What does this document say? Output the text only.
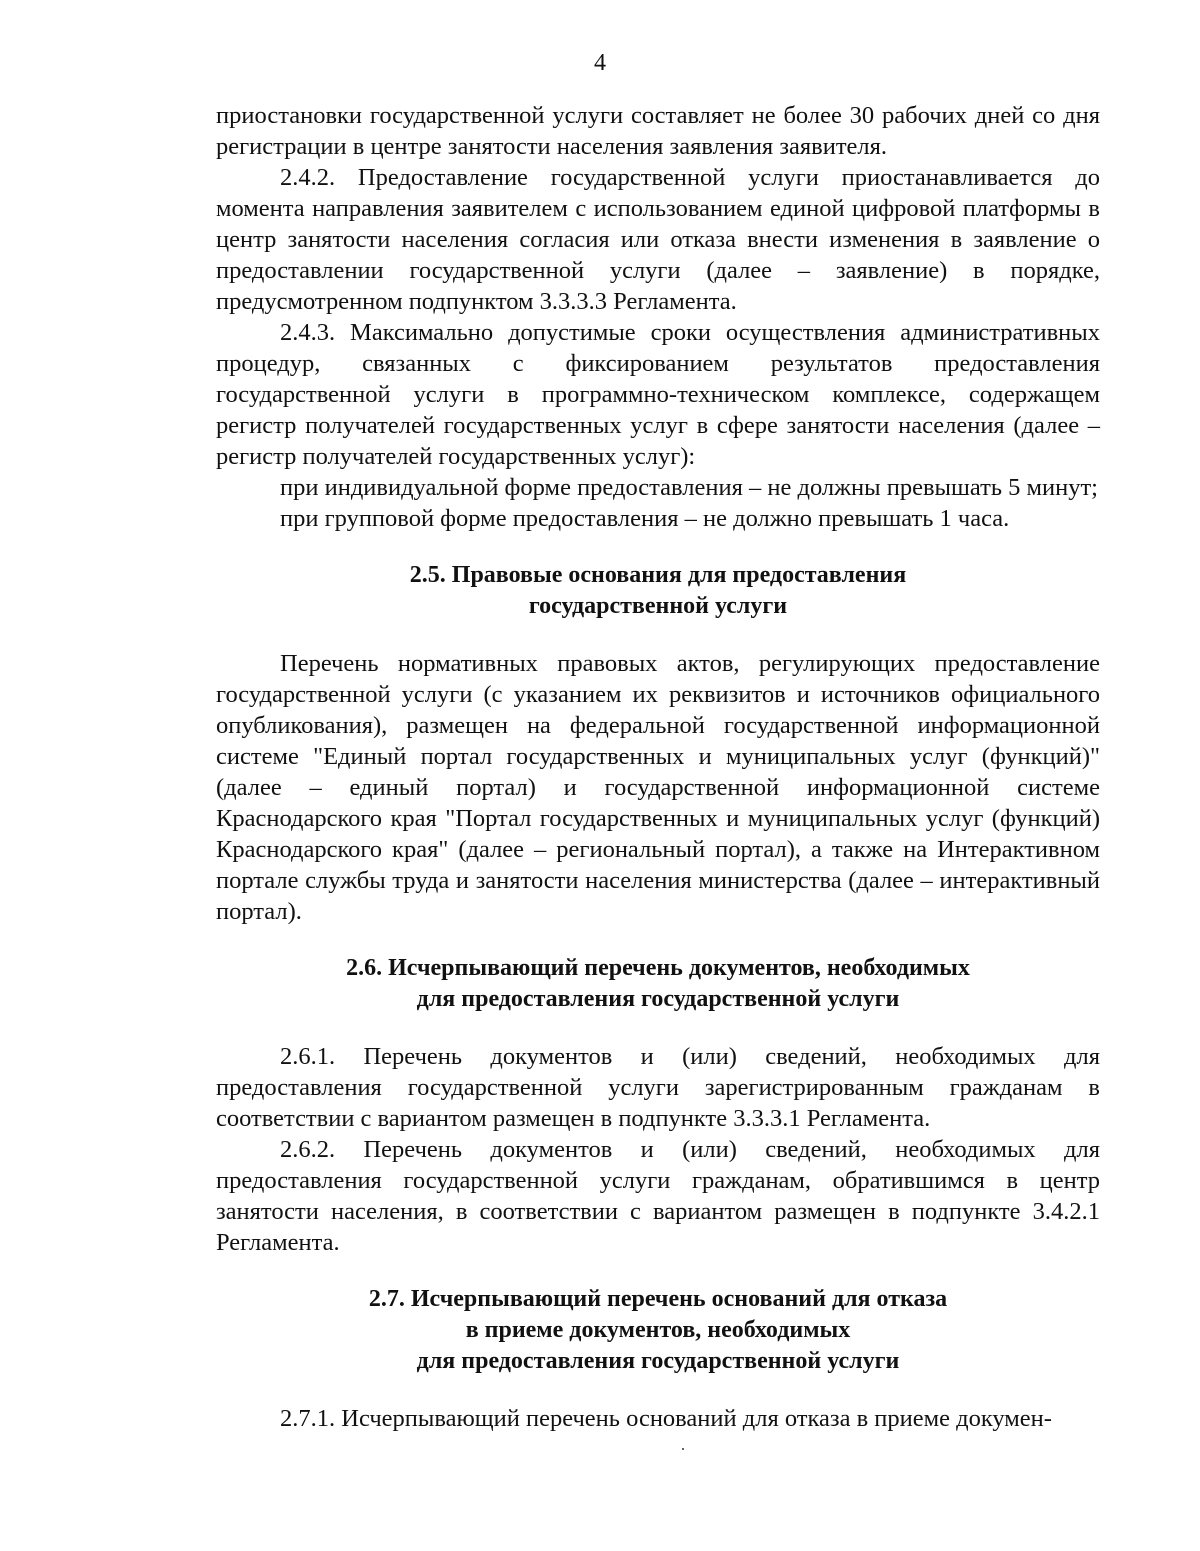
4

приостановки государственной услуги составляет не более 30 рабочих дней со дня регистрации в центре занятости населения заявления заявителя.

2.4.2. Предоставление государственной услуги приостанавливается до момента направления заявителем с использованием единой цифровой платформы в центр занятости населения согласия или отказа внести изменения в заявление о предоставлении государственной услуги (далее – заявление) в порядке, предусмотренном подпунктом 3.3.3.3 Регламента.

2.4.3. Максимально допустимые сроки осуществления административных процедур, связанных с фиксированием результатов предоставления государственной услуги в программно-техническом комплексе, содержащем регистр получателей государственных услуг в сфере занятости населения (далее – регистр получателей государственных услуг):

при индивидуальной форме предоставления – не должны превышать 5 минут;

при групповой форме предоставления – не должно превышать 1 часа.

2.5. Правовые основания для предоставления
государственной услуги

Перечень нормативных правовых актов, регулирующих предоставление государственной услуги (с указанием их реквизитов и источников официального опубликования), размещен на федеральной государственной информационной системе "Единый портал государственных и муниципальных услуг (функций)" (далее – единый портал) и государственной информационной системе Краснодарского края "Портал государственных и муниципальных услуг (функций) Краснодарского края" (далее – региональный портал), а также на Интерактивном портале службы труда и занятости населения министерства (далее – интерактивный портал).

2.6. Исчерпывающий перечень документов, необходимых
для предоставления государственной услуги

2.6.1. Перечень документов и (или) сведений, необходимых для предоставления государственной услуги зарегистрированным гражданам в соответствии с вариантом размещен в подпункте 3.3.3.1 Регламента.

2.6.2. Перечень документов и (или) сведений, необходимых для предоставления государственной услуги гражданам, обратившимся в центр занятости населения, в соответствии с вариантом размещен в подпункте 3.4.2.1 Регламента.

2.7. Исчерпывающий перечень оснований для отказа
в приеме документов, необходимых
для предоставления государственной услуги

2.7.1. Исчерпывающий перечень оснований для отказа в приеме докумен-
